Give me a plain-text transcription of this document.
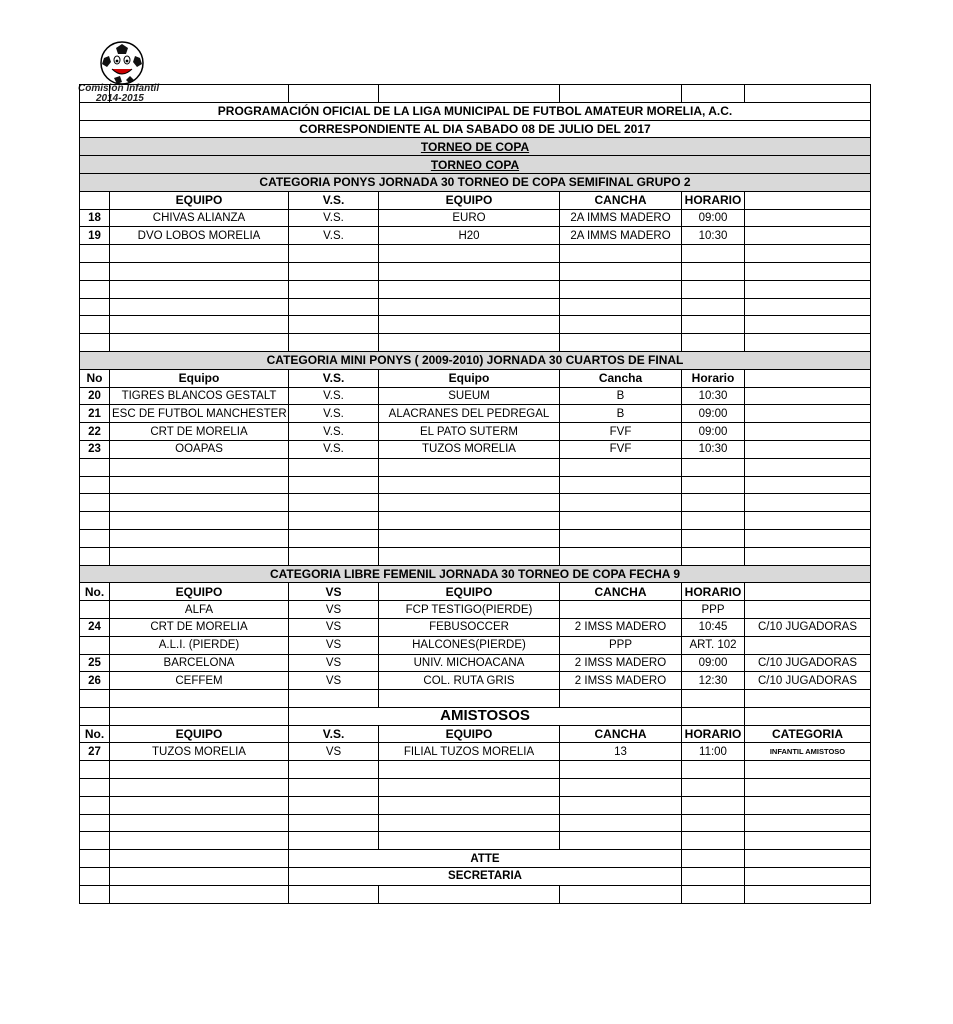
Comisión Infantil
2014-2015

PROGRAMACIÓN OFICIAL DE LA LIGA MUNICIPAL DE FUTBOL AMATEUR MORELIA, A.C.						
CORRESPONDIENTE AL DIA SABADO 08 DE JULIO DEL 2017						
TORNEO DE COPA						
TORNEO COPA						
CATEGORIA PONYS JORNADA 30 TORNEO DE COPA SEMIFINAL GRUPO 2						
	EQUIPO	V.S.	EQUIPO	CANCHA	HORARIO	
18	CHIVAS ALIANZA	V.S.	EURO	2A IMMS MADERO	09:00	
19	DVO LOBOS MORELIA	V.S.	H20	2A IMMS MADERO	10:30	

CATEGORIA MINI PONYS ( 2009-2010) JORNADA 30 CUARTOS DE FINAL						
No	Equipo	V.S.	Equipo	Cancha	Horario	
20	TIGRES BLANCOS GESTALT	V.S.	SUEUM	B	10:30	
21	ESC DE FUTBOL MANCHESTER	V.S.	ALACRANES DEL PEDREGAL	B	09:00	
22	CRT DE MORELIA	V.S.	EL PATO SUTERM	FVF	09:00	
23	OOAPAS	V.S.	TUZOS MORELIA	FVF	10:30	

CATEGORIA LIBRE FEMENIL JORNADA 30 TORNEO DE COPA FECHA 9						
No.	EQUIPO	VS	EQUIPO	CANCHA	HORARIO	
	ALFA	VS	FCP TESTIGO(PIERDE)		PPP	
24	CRT DE MORELIA	VS	FEBUSOCCER	2 IMSS MADERO	10:45	C/10 JUGADORAS
	A.L.I. (PIERDE)	VS	HALCONES(PIERDE)	PPP	ART. 102	
25	BARCELONA	VS	UNIV. MICHOACANA	2 IMSS MADERO	09:00	C/10 JUGADORAS
26	CEFFEM	VS	COL. RUTA GRIS	2 IMSS MADERO	12:30	C/10 JUGADORAS

		AMISTOSOS				
No.	EQUIPO	V.S.	EQUIPO	CANCHA	HORARIO	CATEGORIA
27	TUZOS MORELIA	VS	FILIAL TUZOS MORELIA	13	11:00	INFANTIL AMISTOSO

		ATTE				
		SECRETARIA				
